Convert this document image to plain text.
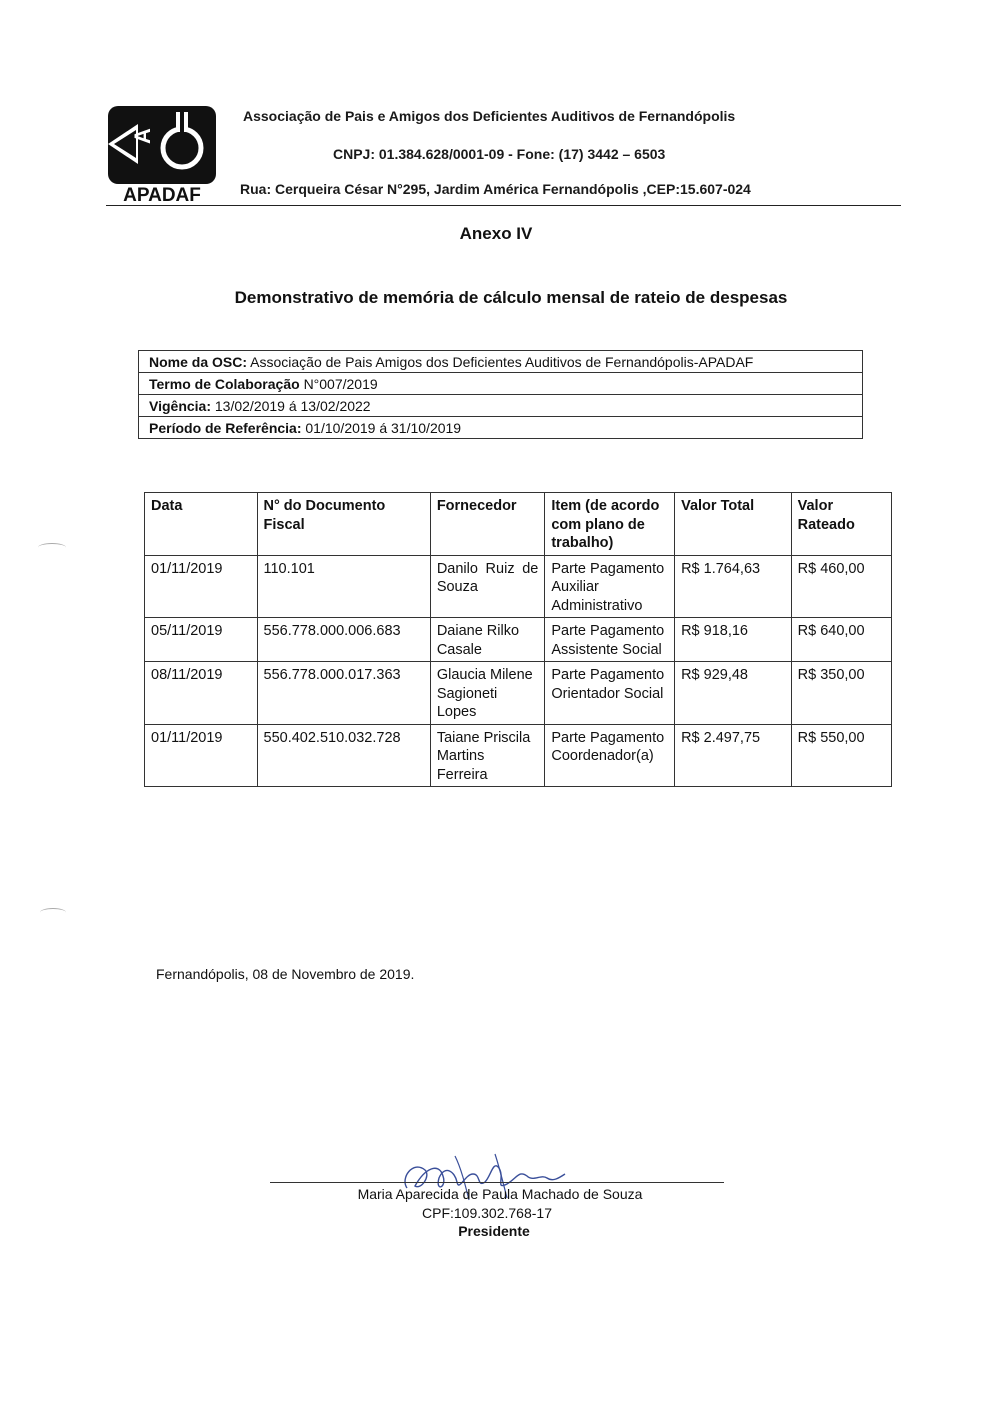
A
APADAF
Associação de Pais e Amigos dos Deficientes Auditivos de Fernandópolis
CNPJ: 01.384.628/0001-09 - Fone: (17) 3442 – 6503
Rua: Cerqueira César N°295, Jardim América Fernandópolis ,CEP:15.607-024
Anexo IV
Demonstrativo de memória de cálculo mensal de rateio de despesas
Nome da OSC: Associação de Pais Amigos dos Deficientes Auditivos de Fernandópolis-APADAF
Termo de Colaboração N°007/2019
Vigência: 13/02/2019 á 13/02/2022
Período de Referência: 01/10/2019 á 31/10/2019
Data	N° do Documento Fiscal	Fornecedor	Item (de acordo com plano de trabalho)	Valor Total	Valor Rateado
01/11/2019	110.101	Danilo Ruiz de Souza	Parte Pagamento Auxiliar Administrativo	R$ 1.764,63	R$ 460,00
05/11/2019	556.778.000.006.683	Daiane Rilko Casale	Parte Pagamento Assistente Social	R$ 918,16	R$ 640,00
08/11/2019	556.778.000.017.363	Glaucia Milene Sagioneti Lopes	Parte Pagamento Orientador Social	R$ 929,48	R$ 350,00
01/11/2019	550.402.510.032.728	Taiane Priscila Martins Ferreira	Parte Pagamento Coordenador(a)	R$ 2.497,75	R$ 550,00
Fernandópolis, 08 de Novembro de 2019.
Maria Aparecida de Paula Machado de Souza
CPF:109.302.768-17
Presidente
